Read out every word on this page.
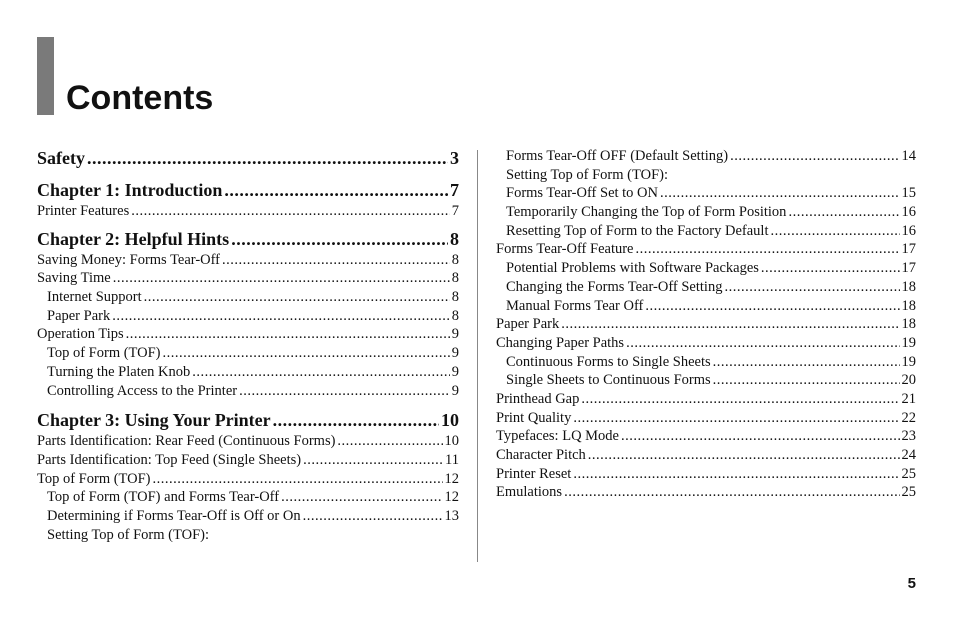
Contents
Safety .....	3
Chapter 1: Introduction .....	7
Printer Features .....	7
Chapter 2: Helpful Hints .....	8
Saving Money: Forms Tear-Off .....	8
Saving Time .....	8
Internet Support .....	8
Paper Park .....	8
Operation Tips .....	9
Top of Form (TOF) .....	9
Turning the Platen Knob .....	9
Controlling Access to the Printer .....	9
Chapter 3: Using Your Printer .....	10
Parts Identification: Rear Feed (Continuous Forms) .....	10
Parts Identification: Top Feed (Single Sheets) .....	11
Top of Form (TOF) .....	12
Top of Form (TOF) and Forms Tear-Off .....	12
Determining if Forms Tear-Off is Off or On .....	13
Setting Top of Form (TOF):
Forms Tear-Off OFF (Default Setting) .....	14
Setting Top of Form (TOF):
Forms Tear-Off Set to ON .....	15
Temporarily Changing the Top of Form Position .....	16
Resetting Top of Form to the Factory Default .....	16
Forms Tear-Off Feature .....	17
Potential Problems with Software Packages .....	17
Changing the Forms Tear-Off Setting .....	18
Manual Forms Tear Off .....	18
Paper Park .....	18
Changing Paper Paths .....	19
Continuous Forms to Single Sheets .....	19
Single Sheets to Continuous Forms .....	20
Printhead Gap .....	21
Print Quality .....	22
Typefaces: LQ Mode .....	23
Character Pitch .....	24
Printer Reset .....	25
Emulations .....	25
5
